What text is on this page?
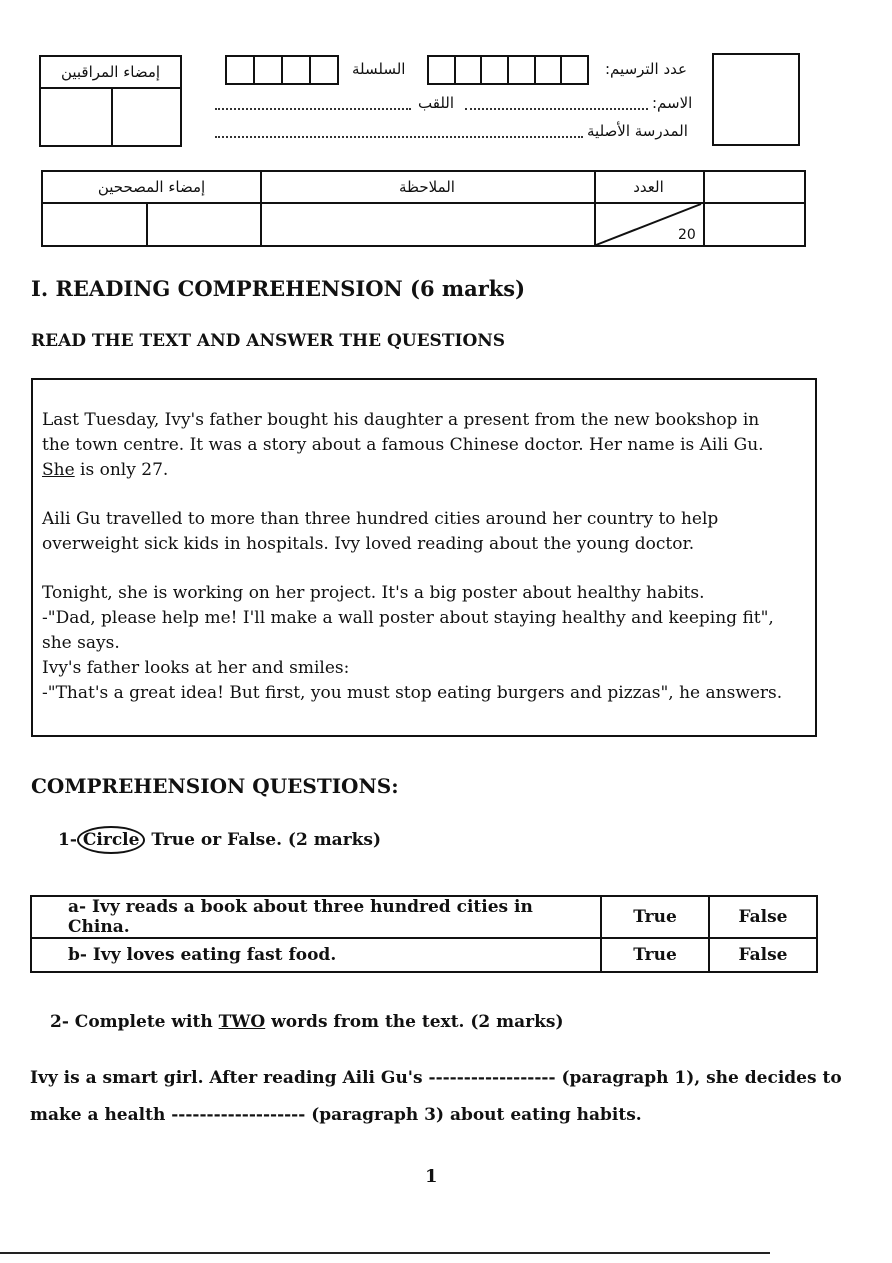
إمضاء المراقبين	السلسلة	عدد الترسيم:
اللقب	الاسم:
المدرسة الأصلية
إمضاء المصححين	الملاحظة	العدد
20
I. READING COMPREHENSION (6 marks)
READ THE TEXT AND ANSWER THE QUESTIONS

Last Tuesday, Ivy's father bought his daughter a present from the new bookshop in

the town centre. It was a story about a famous Chinese doctor. Her name is Aili Gu.

She is only 27.

Aili Gu travelled to more than three hundred cities around her country to help

overweight sick kids in hospitals. Ivy loved reading about the young doctor.

Tonight, she is working on her project. It's a big poster about healthy habits.

-"Dad, please help me! I'll make a wall poster about staying healthy and keeping fit",

she says.

Ivy's father looks at her and smiles:

-"That's a great idea! But first, you must stop eating burgers and pizzas", he answers.

COMPREHENSION QUESTIONS:
1- Circle True or False. (2 marks)
a- Ivy reads a book about three hundred cities in China.	True	False
b- Ivy loves eating fast food.	True	False
2- Complete with TWO words from the text. (2 marks)
Ivy is a smart girl. After reading Aili Gu's ------------------ (paragraph 1), she decides to
make a health ------------------- (paragraph 3) about eating habits.
1
